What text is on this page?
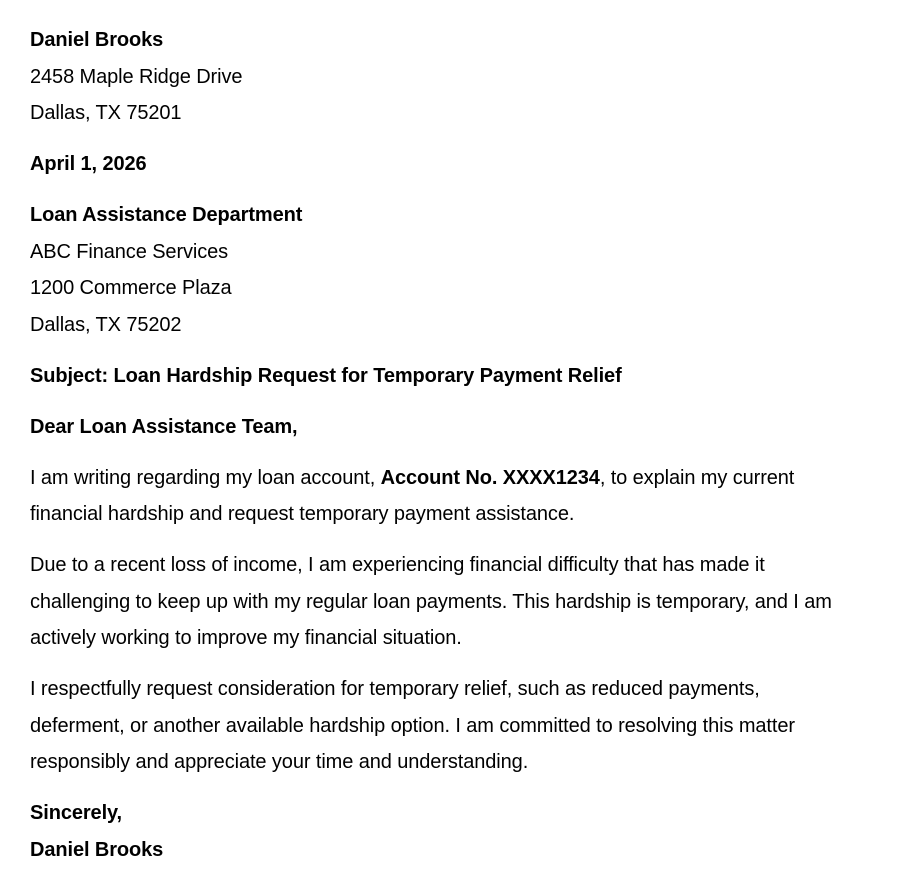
Daniel Brooks
2458 Maple Ridge Drive
Dallas, TX 75201
April 1, 2026
Loan Assistance Department
ABC Finance Services
1200 Commerce Plaza
Dallas, TX 75202
Subject: Loan Hardship Request for Temporary Payment Relief
Dear Loan Assistance Team,
I am writing regarding my loan account, Account No. XXXX1234, to explain my current financial hardship and request temporary payment assistance.
Due to a recent loss of income, I am experiencing financial difficulty that has made it challenging to keep up with my regular loan payments. This hardship is temporary, and I am actively working to improve my financial situation.
I respectfully request consideration for temporary relief, such as reduced payments, deferment, or another available hardship option. I am committed to resolving this matter responsibly and appreciate your time and understanding.
Sincerely,
Daniel Brooks
